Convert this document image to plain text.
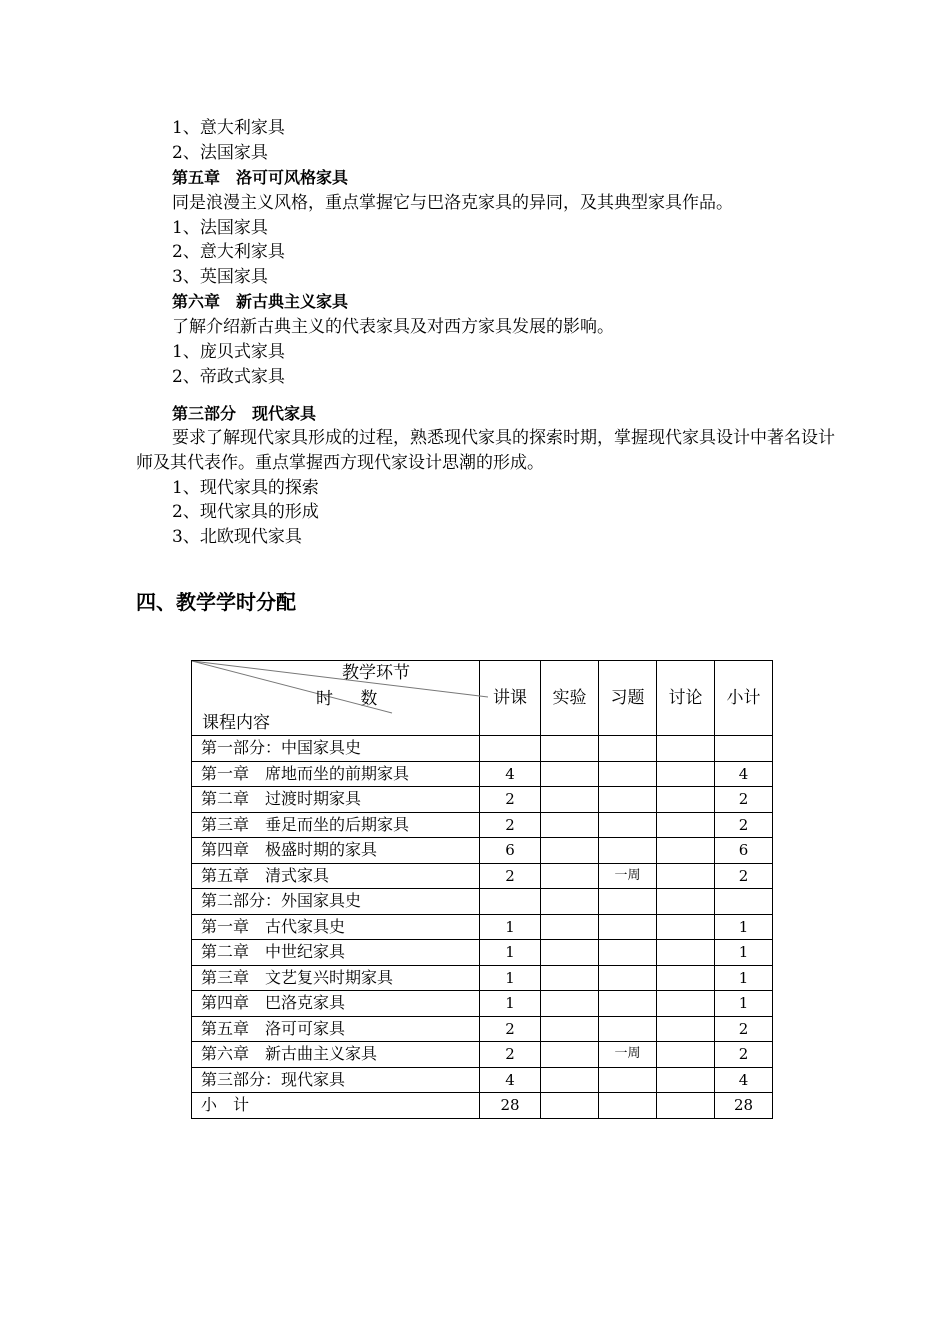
1、意大利家具
2、法国家具
第五章　洛可可风格家具
同是浪漫主义风格，重点掌握它与巴洛克家具的异同，及其典型家具作品。
1、法国家具
2、意大利家具
3、英国家具
第六章　新古典主义家具
了解介绍新古典主义的代表家具及对西方家具发展的影响。
1、庞贝式家具
2、帝政式家具
第三部分　现代家具
要求了解现代家具形成的过程，熟悉现代家具的探索时期，掌握现代家具设计中著名设计师及其代表作。重点掌握西方现代家设计思潮的形成。
1、现代家具的探索
2、现代家具的形成
3、北欧现代家具
四、教学学时分配
教学环节
时 数
课程内容	讲课	实验	习题	讨论	小计
第一部分：中国家具史					
第一章　席地而坐的前期家具	4				4
第二章　过渡时期家具	2				2
第三章　垂足而坐的后期家具	2				2
第四章　极盛时期的家具	6				6
第五章　清式家具	2		一周		2
第二部分：外国家具史					
第一章　古代家具史	1				1
第二章　中世纪家具	1				1
第三章　文艺复兴时期家具	1				1
第四章　巴洛克家具	1				1
第五章　洛可可家具	2				2
第六章　新古曲主义家具	2		一周		2
第三部分：现代家具	4				4
小　计	28				28
